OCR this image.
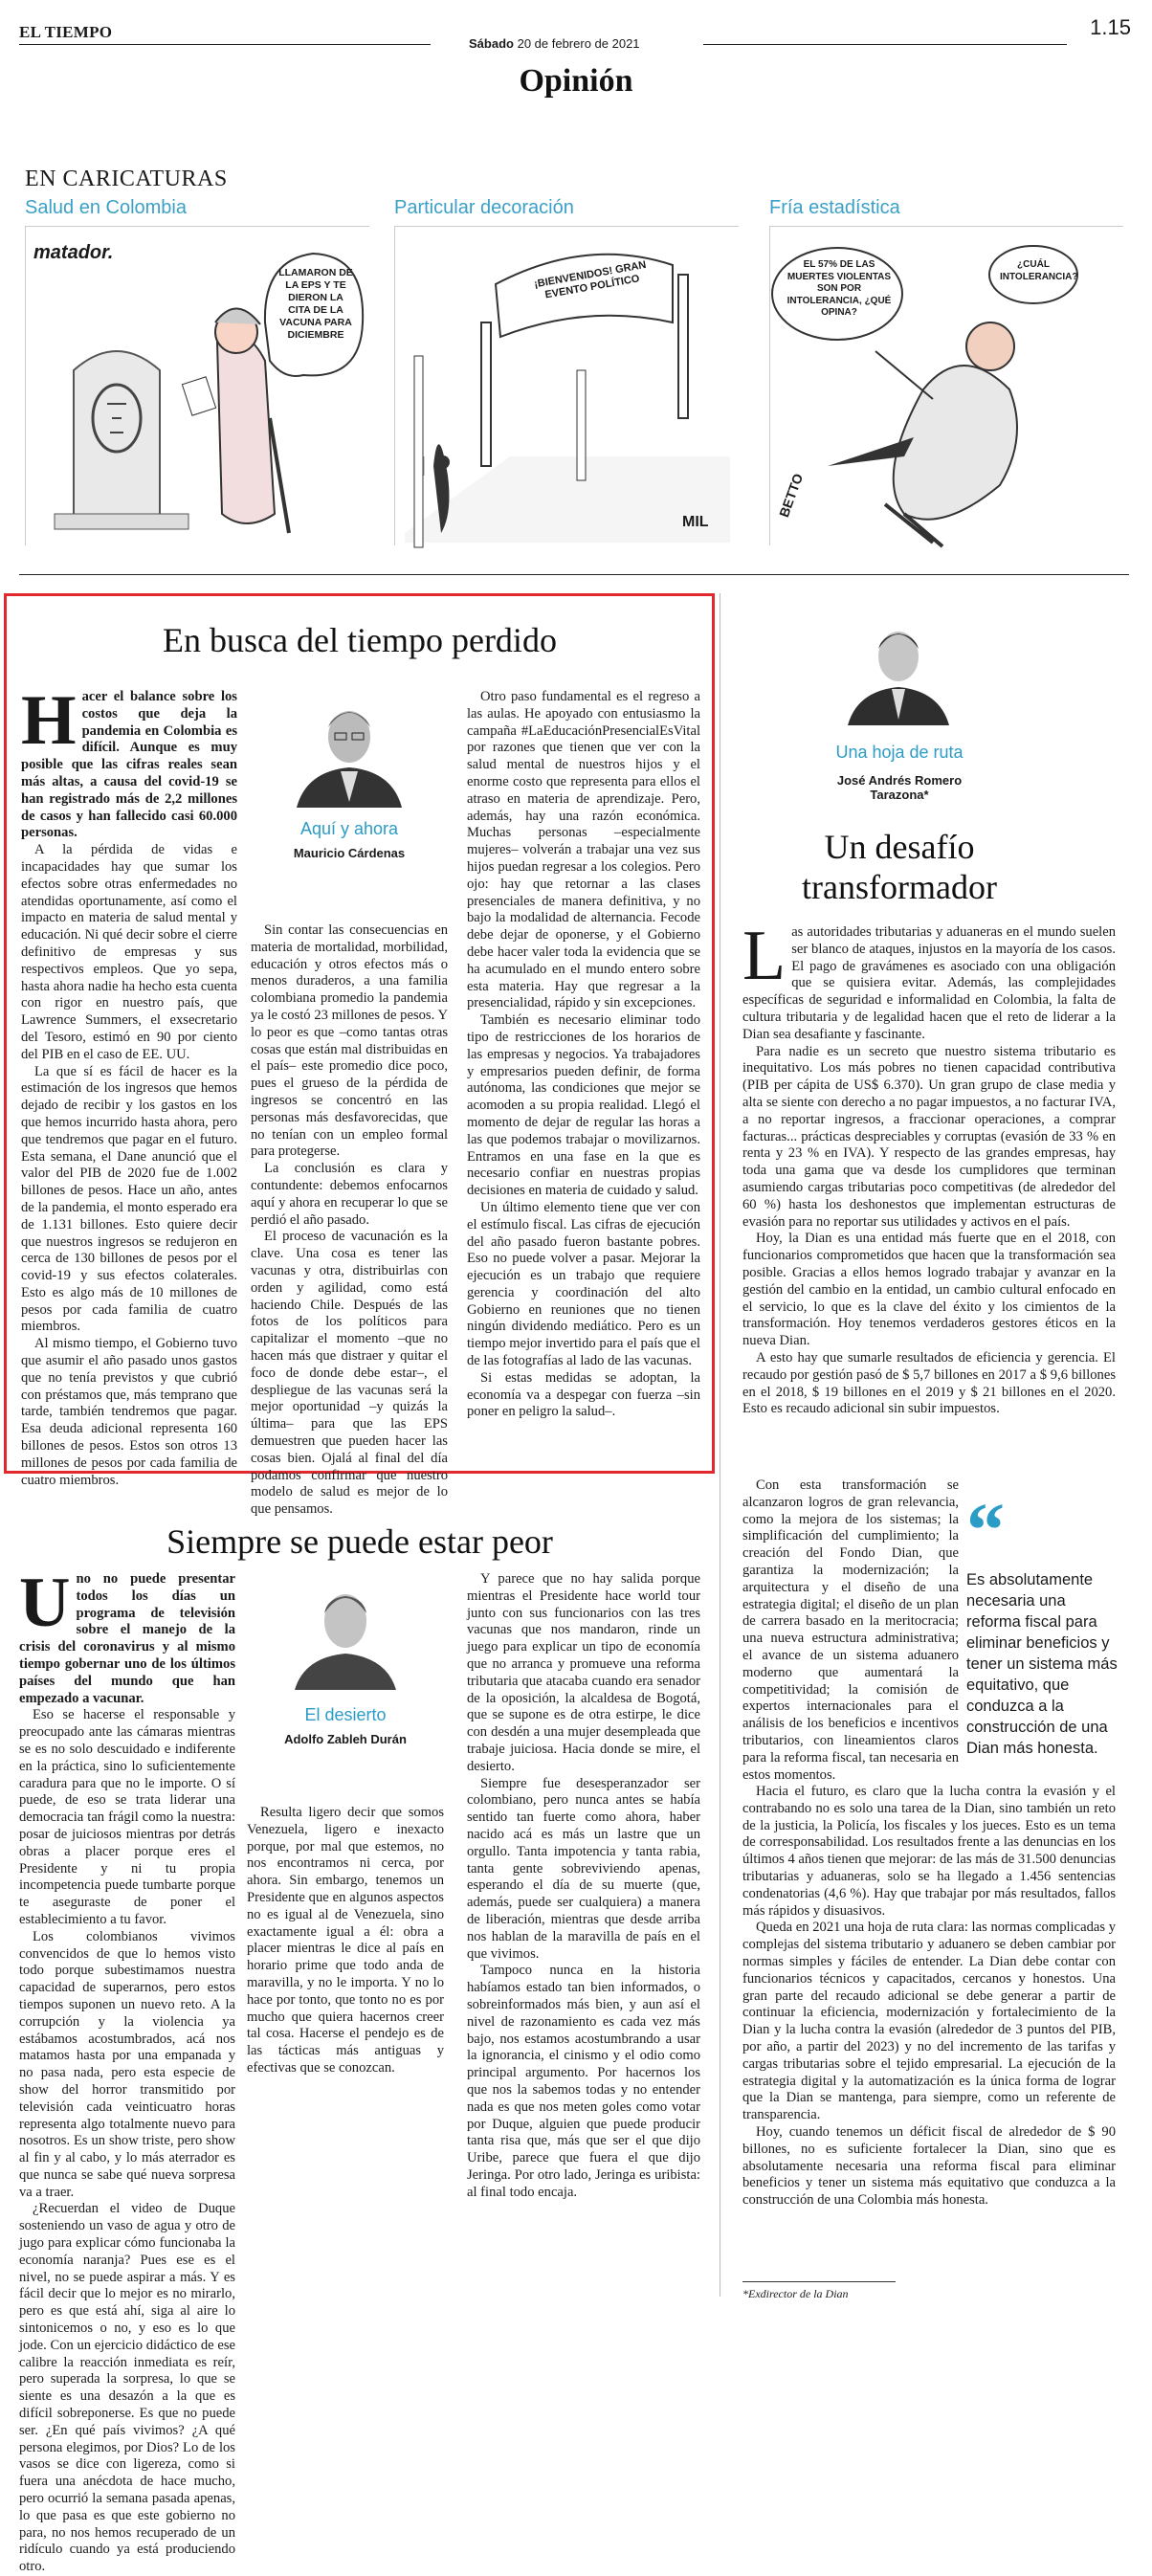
EL TIEMPO
Sábado 20 de febrero de 2021
1.15
Opinión
EN CARICATURAS
Salud en Colombia	Particular decoración	Fría estadística
matador.
LLAMARON DE LA EPS Y TE DIERON LA CITA DE LA VACUNA PARA DICIEMBRE
¡BIENVENIDOS! GRAN EVENTO POLÍTICO
MIL
EL 57% DE LAS MUERTES VIOLENTAS SON POR INTOLERANCIA, ¿QUÉ OPINA?
¿CUÁL INTOLERANCIA?
BETTO
En busca del tiempo perdido
Aquí y ahora
Mauricio Cárdenas

Hacer el balance sobre los costos que deja la pandemia en Colombia es difícil. Aunque es muy posible que las cifras reales sean más altas, a causa del covid-19 se han registrado más de 2,2 millones de casos y han fallecido casi 60.000 personas.

A la pérdida de vidas e incapacidades hay que sumar los efectos sobre otras enfermedades no atendidas oportunamente, así como el impacto en materia de salud mental y educación. Ni qué decir sobre el cierre definitivo de empresas y sus respectivos empleos. Que yo sepa, hasta ahora nadie ha hecho esta cuenta con rigor en nuestro país, que Lawrence Summers, el exsecretario del Tesoro, estimó en 90 por ciento del PIB en el caso de EE. UU.

La que sí es fácil de hacer es la estimación de los ingresos que hemos dejado de recibir y los gastos en los que hemos incurrido hasta ahora, pero que tendremos que pagar en el futuro. Esta semana, el Dane anunció que el valor del PIB de 2020 fue de 1.002 billones de pesos. Hace un año, antes de la pandemia, el monto esperado era de 1.131 billones. Esto quiere decir que nuestros ingresos se redujeron en cerca de 130 billones de pesos por el covid-19 y sus efectos colaterales. Esto es algo más de 10 millones de pesos por cada familia de cuatro miembros.

Al mismo tiempo, el Gobierno tuvo que asumir el año pasado unos gastos que no tenía previstos y que cubrió con préstamos que, más temprano que tarde, también tendremos que pagar. Esa deuda adicional representa 160 billones de pesos. Estos son otros 13 millones de pesos por cada familia de cuatro miembros.

Sin contar las consecuencias en materia de mortalidad, morbilidad, educación y otros efectos más o menos duraderos, a una familia colombiana promedio la pandemia ya le costó 23 millones de pesos. Y lo peor es que –como tantas otras cosas que están mal distribuidas en el país– este promedio dice poco, pues el grueso de la pérdida de ingresos se concentró en las personas más desfavorecidas, que no tenían con un empleo formal para protegerse.

La conclusión es clara y contundente: debemos enfocarnos aquí y ahora en recuperar lo que se perdió el año pasado.

El proceso de vacunación es la clave. Una cosa es tener las vacunas y otra, distribuirlas con orden y agilidad, como está haciendo Chile. Después de las fotos de los políticos para capitalizar el momento –que no hacen más que distraer y quitar el foco de donde debe estar–, el despliegue de las vacunas será la mejor oportunidad –y quizás la última– para que las EPS demuestren que pueden hacer las cosas bien. Ojalá al final del día podamos confirmar que nuestro modelo de salud es mejor de lo que pensamos.

Otro paso fundamental es el regreso a las aulas. He apoyado con entusiasmo la campaña #LaEducaciónPresencialEsVital por razones que tienen que ver con la salud mental de nuestros hijos y el enorme costo que representa para ellos el atraso en materia de aprendizaje. Pero, además, hay una razón económica. Muchas personas –especialmente mujeres– volverán a trabajar una vez sus hijos puedan regresar a los colegios. Pero ojo: hay que retornar a las clases presenciales de manera definitiva, y no bajo la modalidad de alternancia. Fecode debe dejar de oponerse, y el Gobierno debe hacer valer toda la evidencia que se ha acumulado en el mundo entero sobre esta materia. Hay que regresar a la presencialidad, rápido y sin excepciones.

También es necesario eliminar todo tipo de restricciones de los horarios de las empresas y negocios. Ya trabajadores y empresarios pueden definir, de forma autónoma, las condiciones que mejor se acomoden a su propia realidad. Llegó el momento de dejar de regular las horas a las que podemos trabajar o movilizarnos. Entramos en una fase en la que es necesario confiar en nuestras propias decisiones en materia de cuidado y salud.

Un último elemento tiene que ver con el estímulo fiscal. Las cifras de ejecución del año pasado fueron bastante pobres. Eso no puede volver a pasar. Mejorar la ejecución es un trabajo que requiere gerencia y coordinación del alto Gobierno en reuniones que no tienen ningún dividendo mediático. Pero es un tiempo mejor invertido para el país que el de las fotografías al lado de las vacunas.

Si estas medidas se adoptan, la economía va a despegar con fuerza –sin poner en peligro la salud–.

Siempre se puede estar peor
El desierto
Adolfo Zableh Durán

Uno no puede presentar todos los días un programa de televisión sobre el manejo de la crisis del coronavirus y al mismo tiempo gobernar uno de los últimos países del mundo que han empezado a vacunar.

Eso se hacerse el responsable y preocupado ante las cámaras mientras se es no solo descuidado e indiferente en la práctica, sino lo suficientemente caradura para que no le importe. O sí puede, de eso se trata liderar una democracia tan frágil como la nuestra: posar de juiciosos mientras por detrás obras a placer porque eres el Presidente y ni tu propia incompetencia puede tumbarte porque te aseguraste de poner el establecimiento a tu favor.

Los colombianos vivimos convencidos de que lo hemos visto todo porque subestimamos nuestra capacidad de superarnos, pero estos tiempos suponen un nuevo reto. A la corrupción y la violencia ya estábamos acostumbrados, acá nos matamos hasta por una empanada y no pasa nada, pero esta especie de show del horror transmitido por televisión cada veinticuatro horas representa algo totalmente nuevo para nosotros. Es un show triste, pero show al fin y al cabo, y lo más aterrador es que nunca se sabe qué nueva sorpresa va a traer.

¿Recuerdan el video de Duque sosteniendo un vaso de agua y otro de jugo para explicar cómo funcionaba la economía naranja? Pues ese es el nivel, no se puede aspirar a más. Y es fácil decir que lo mejor es no mirarlo, pero es que está ahí, siga al aire lo sintonicemos o no, y eso es lo que jode. Con un ejercicio didáctico de ese calibre la reacción inmediata es reír, pero superada la sorpresa, lo que se siente es una desazón a la que es difícil sobreponerse. Es que no puede ser. ¿En qué país vivimos? ¿A qué persona elegimos, por Dios? Lo de los vasos se dice con ligereza, como si fuera una anécdota de hace mucho, pero ocurrió la semana pasada apenas, lo que pasa es que este gobierno no para, no nos hemos recuperado de un ridículo cuando ya está produciendo otro.

Resulta ligero decir que somos Venezuela, ligero e inexacto porque, por mal que estemos, no nos encontramos ni cerca, por ahora. Sin embargo, tenemos un Presidente que en algunos aspectos no es igual al de Venezuela, sino exactamente igual a él: obra a placer mientras le dice al país en horario prime que todo anda de maravilla, y no le importa. Y no lo hace por tonto, que tonto no es por mucho que quiera hacernos creer tal cosa. Hacerse el pendejo es de las tácticas más antiguas y efectivas que se conozcan.

Y parece que no hay salida porque mientras el Presidente hace world tour junto con sus funcionarios con las tres vacunas que nos mandaron, rinde un juego para explicar un tipo de economía que no arranca y promueve una reforma tributaria que atacaba cuando era senador de la oposición, la alcaldesa de Bogotá, que se supone es de otra estirpe, le dice con desdén a una mujer desempleada que trabaje juiciosa. Hacia donde se mire, el desierto.

Siempre fue desesperanzador ser colombiano, pero nunca antes se había sentido tan fuerte como ahora, haber nacido acá es más un lastre que un orgullo. Tanta impotencia y tanta rabia, tanta gente sobreviviendo apenas, esperando el día de su muerte (que, además, puede ser cualquiera) a manera de liberación, mientras que desde arriba nos hablan de la maravilla de país en el que vivimos.

Tampoco nunca en la historia habíamos estado tan bien informados, o sobreinformados más bien, y aun así el nivel de razonamiento es cada vez más bajo, nos estamos acostumbrando a usar la ignorancia, el cinismo y el odio como principal argumento. Por hacernos los que nos la sabemos todas y no entender nada es que nos meten goles como votar por Duque, alguien que puede producir tanta risa que, más que ser el que dijo Uribe, parece que fuera el que dijo Jeringa. Por otro lado, Jeringa es uribista: al final todo encaja.

Una hoja de ruta
José Andrés Romero Tarazona*
Un desafío transformador

Las autoridades tributarias y aduaneras en el mundo suelen ser blanco de ataques, injustos en la mayoría de los casos. El pago de gravámenes es asociado con una obligación que se quisiera evitar. Además, las complejidades específicas de seguridad e informalidad en Colombia, la falta de cultura tributaria y de legalidad hacen que el reto de liderar a la Dian sea desafiante y fascinante.

Para nadie es un secreto que nuestro sistema tributario es inequitativo. Los más pobres no tienen capacidad contributiva (PIB per cápita de US$ 6.370). Un gran grupo de clase media y alta se siente con derecho a no pagar impuestos, a no facturar IVA, a no reportar ingresos, a fraccionar operaciones, a comprar facturas... prácticas despreciables y corruptas (evasión de 33 % en renta y 23 % en IVA). Y respecto de las grandes empresas, hay toda una gama que va desde los cumplidores que terminan asumiendo cargas tributarias poco competitivas (de alrededor del 60 %) hasta los deshonestos que implementan estructuras de evasión para no reportar sus utilidades y activos en el país.

Hoy, la Dian es una entidad más fuerte que en el 2018, con funcionarios comprometidos que hacen que la transformación sea posible. Gracias a ellos hemos logrado trabajar y avanzar en la gestión del cambio en la entidad, un cambio cultural enfocado en el servicio, lo que es la clave del éxito y los cimientos de la transformación. Hoy tenemos verdaderos gestores éticos en la nueva Dian.

A esto hay que sumarle resultados de eficiencia y gerencia. El recaudo por gestión pasó de $ 5,7 billones en 2017 a $ 9,6 billones en el 2018, $ 19 billones en el 2019 y $ 21 billones en el 2020. Esto es recaudo adicional sin subir impuestos.

Con esta transformación se alcanzaron logros de gran relevancia, como la mejora de los sistemas; la simplificación del cumplimiento; la creación del Fondo Dian, que garantiza la modernización; la arquitectura y el diseño de una estrategia digital; el diseño de un plan de carrera basado en la meritocracia; una nueva estructura administrativa; el avance de un sistema aduanero moderno que aumentará la competitividad; la comisión de expertos internacionales para el análisis de los beneficios e incentivos tributarios, con lineamientos claros para la reforma fiscal, tan necesaria en estos momentos.

“
Es absolutamente necesaria una reforma fiscal para eliminar beneficios y tener un sistema más equitativo, que conduzca a la construcción de una Dian más honesta.

Hacia el futuro, es claro que la lucha contra la evasión y el contrabando no es solo una tarea de la Dian, sino también un reto de la justicia, la Policía, los fiscales y los jueces. Esto es un tema de corresponsabilidad. Los resultados frente a las denuncias en los últimos 4 años tienen que mejorar: de las más de 31.500 denuncias tributarias y aduaneras, solo se ha llegado a 1.456 sentencias condenatorias (4,6 %). Hay que trabajar por más resultados, fallos más rápidos y disuasivos.

Queda en 2021 una hoja de ruta clara: las normas complicadas y complejas del sistema tributario y aduanero se deben cambiar por normas simples y fáciles de entender. La Dian debe contar con funcionarios técnicos y capacitados, cercanos y honestos. Una gran parte del recaudo adicional se debe generar a partir de continuar la eficiencia, modernización y fortalecimiento de la Dian y la lucha contra la evasión (alrededor de 3 puntos del PIB, por año, a partir del 2023) y no del incremento de las tarifas y cargas tributarias sobre el tejido empresarial. La ejecución de la estrategia digital y la automatización es la única forma de lograr que la Dian se mantenga, para siempre, como un referente de transparencia.

Hoy, cuando tenemos un déficit fiscal de alrededor de $ 90 billones, no es suficiente fortalecer la Dian, sino que es absolutamente necesaria una reforma fiscal para eliminar beneficios y tener un sistema más equitativo que conduzca a la construcción de una Colombia más honesta.

*Exdirector de la Dian
